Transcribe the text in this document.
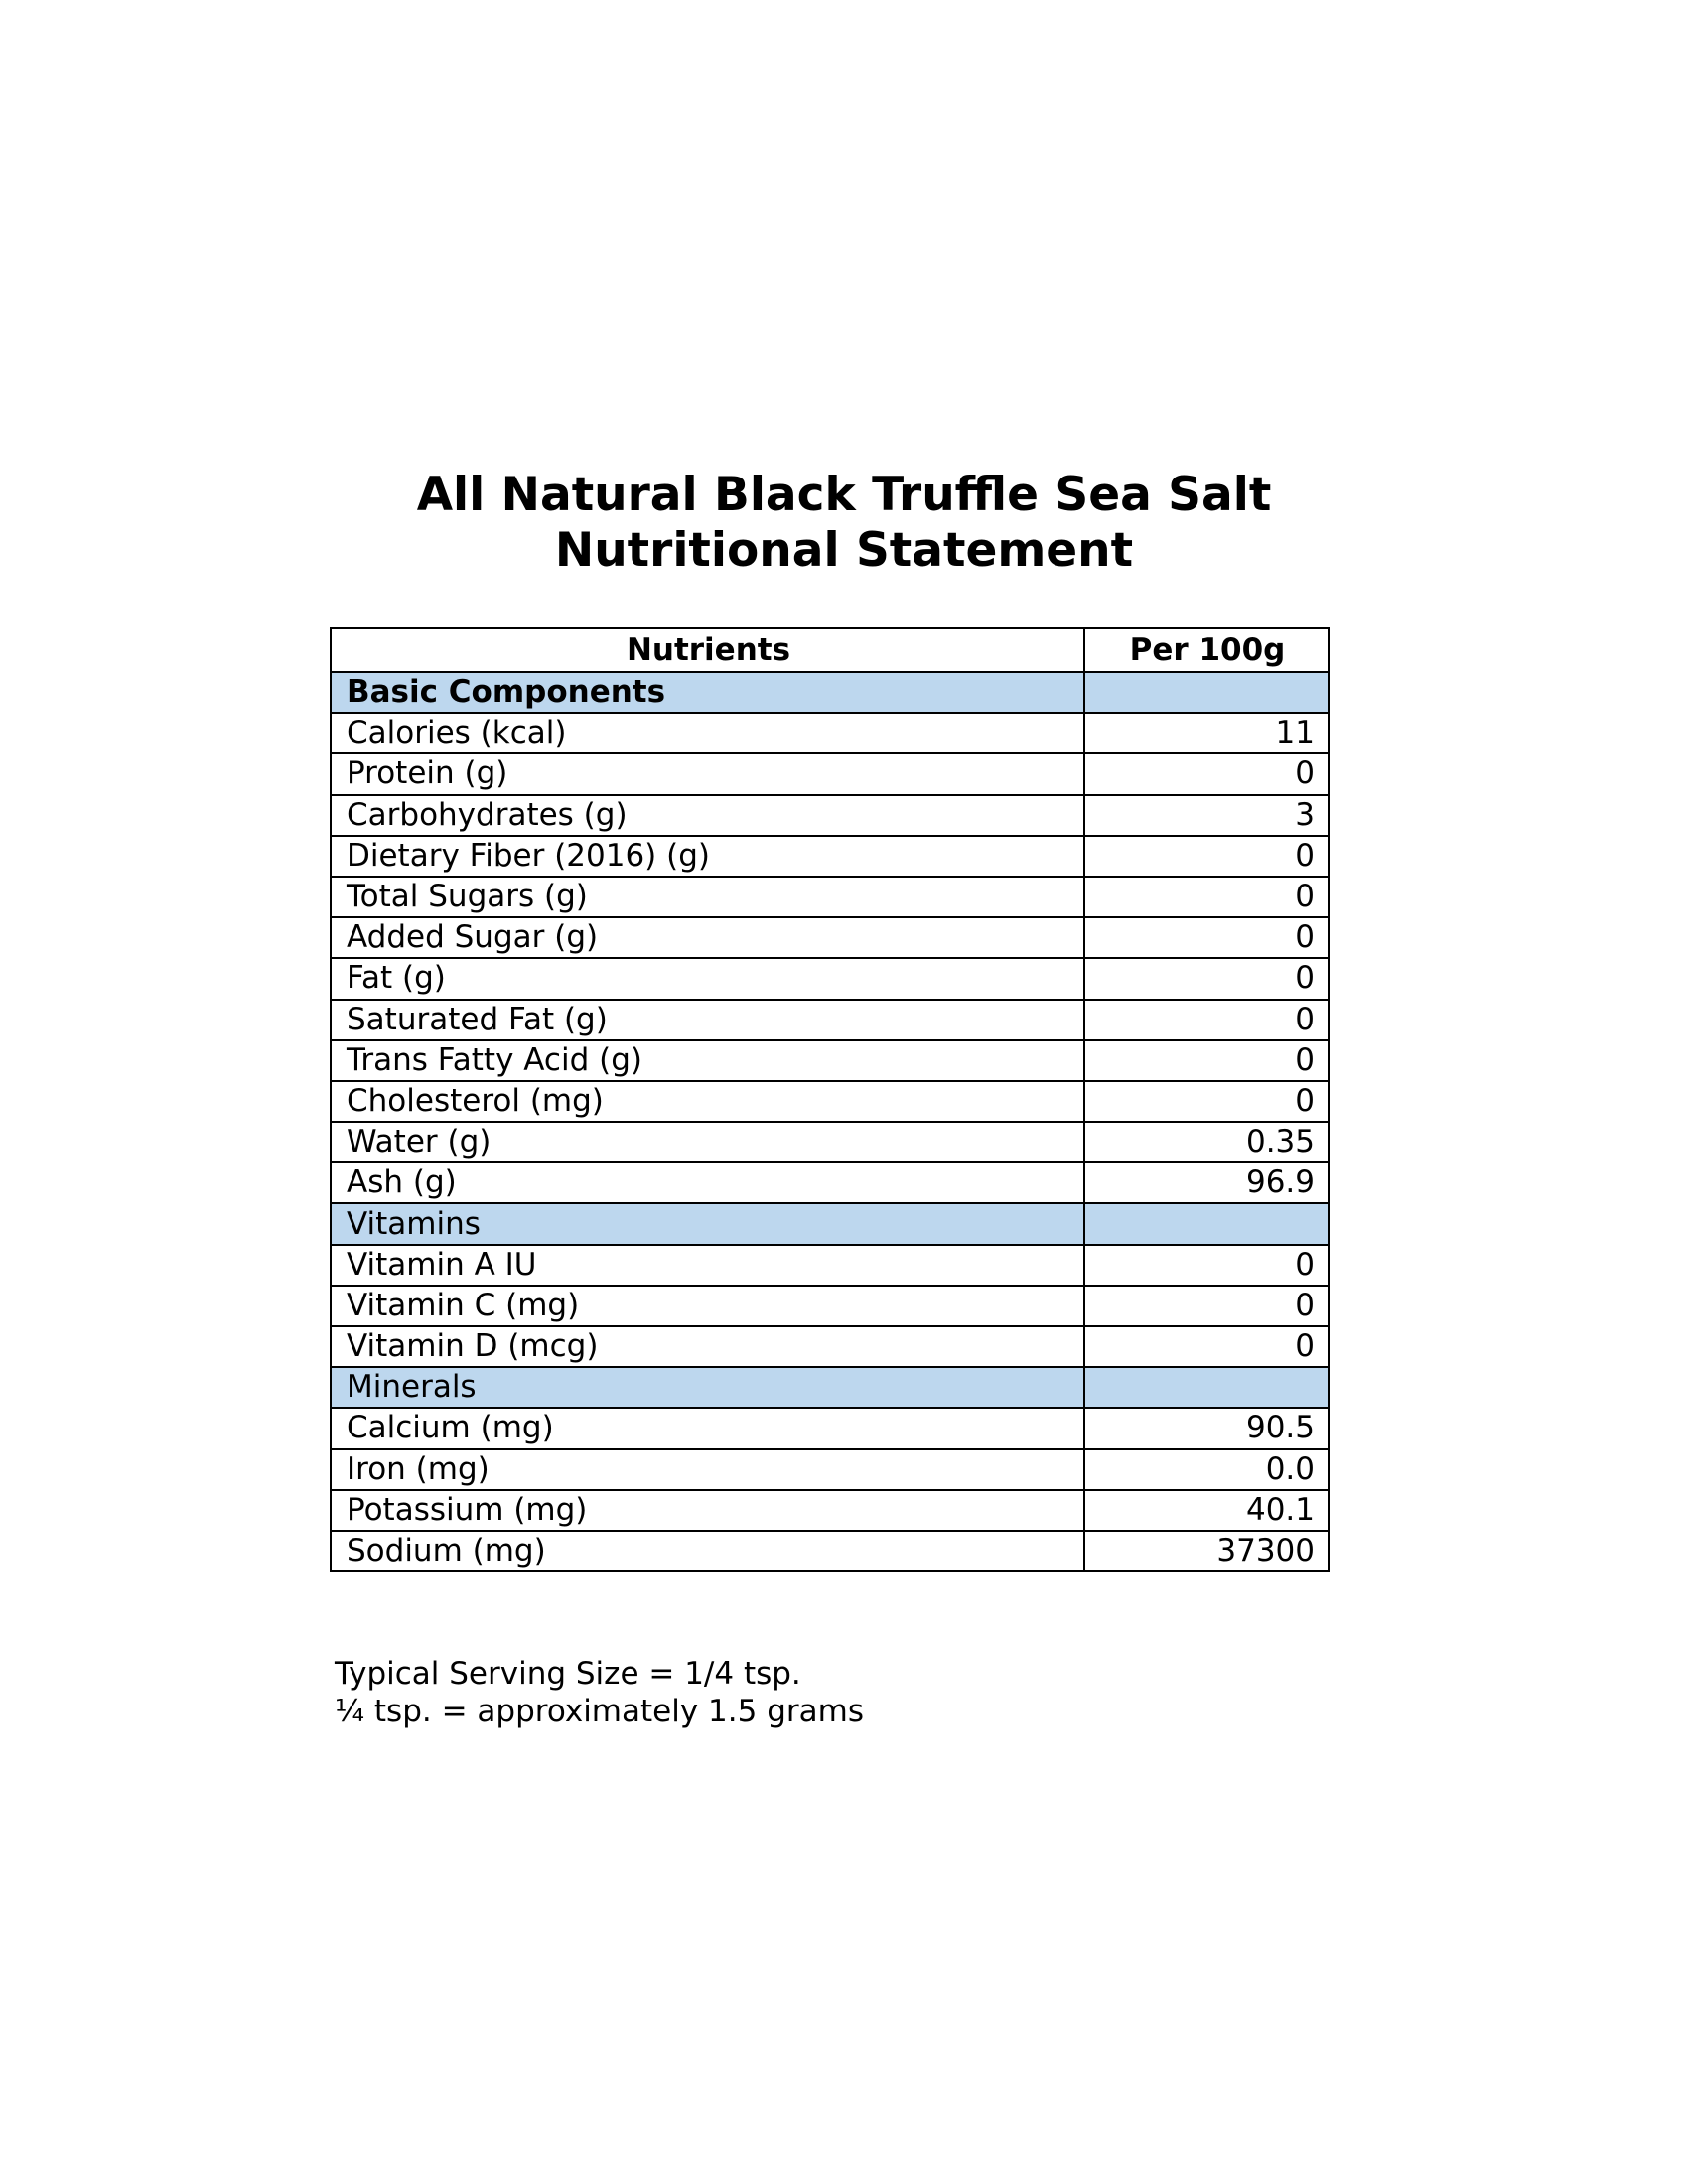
All Natural Black Truffle Sea Salt
Nutritional Statement
Nutrients	Per 100g
Basic Components	
Calories (kcal)	11
Protein (g)	0
Carbohydrates (g)	3
Dietary Fiber (2016) (g)	0
Total Sugars (g)	0
Added Sugar (g)	0
Fat (g)	0
Saturated Fat (g)	0
Trans Fatty Acid (g)	0
Cholesterol (mg)	0
Water (g)	0.35
Ash (g)	96.9
Vitamins	
Vitamin A IU	0
Vitamin C (mg)	0
Vitamin D (mcg)	0
Minerals	
Calcium (mg)	90.5
Iron (mg)	0.0
Potassium (mg)	40.1
Sodium (mg)	37300
Typical Serving Size = 1/4 tsp.
¼ tsp. = approximately 1.5 grams
